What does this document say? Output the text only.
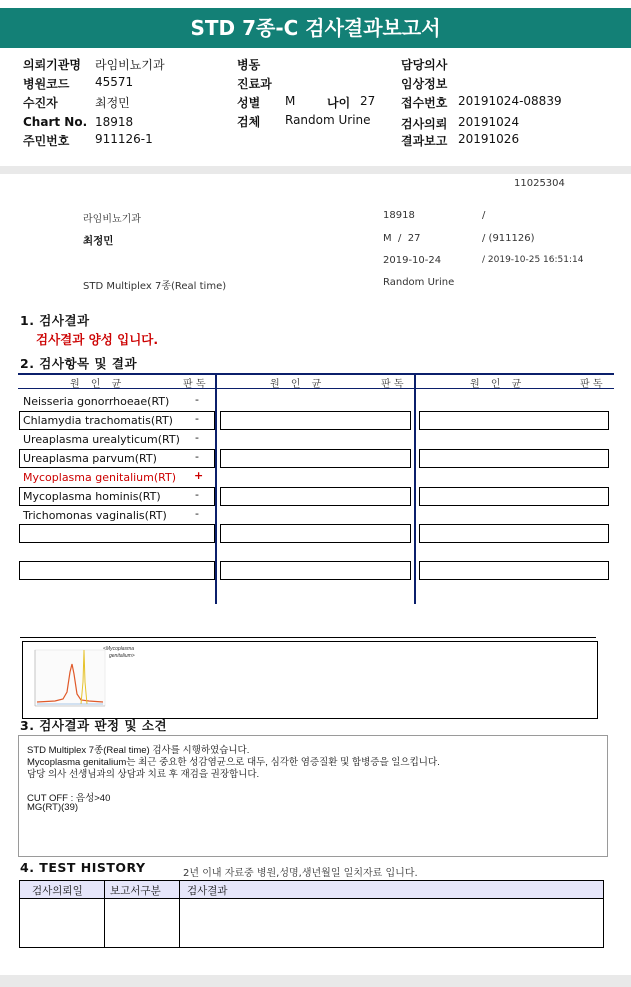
STD 7종-C 검사결과보고서
의뢰기관명 라임비뇨기과
병원코드 45571
수진자	최정민
Chart No. 18918
주민번호 911126-1
병동
진료과
성별 M	나이 27
검체 Random Urine
담당의사
임상정보
접수번호 20191024-08839
검사의뢰 20191024
결과보고 20191026
11025304
라임비뇨기과	18918	/
최정민	M  /  27	/ (911126)
2019-10-24	/ 2019-10-25 16:51:14
STD Multiplex 7종(Real time)	Random Urine
1. 검사결과
검사결과 양성 입니다.
2. 검사항목 및 결과
원 인 균	판 독	원 인 균	판 독	원 인 균	판 독
Neisseria gonorrhoeae(RT) -
Chlamydia trachomatis(RT) -
Ureaplasma urealyticum(RT) -
Ureaplasma parvum(RT)	-
Mycoplasma genitalium(RT) +
Mycoplasma hominis(RT)	-
Trichomonas vaginalis(RT)	-
<Mycoplasma
genitalium>
3. 검사결과 판정 및 소견
STD Multiplex 7종(Real time) 검사를 시행하였습니다.
Mycoplasma genitalium는 최근 중요한 성감염균으로 대두, 심각한 염증질환 및 합병증을 일으킵니다.
담당 의사 선생님과의 상담과 치료 후 재검을 권장합니다.
CUT OFF : 음성>40
MG(RT)(39)
4. TEST HISTORY	2년 이내 자료중 병원,성명,생년월일 일치자료 입니다.
검사의뢰일	보고서구분	검사결과
